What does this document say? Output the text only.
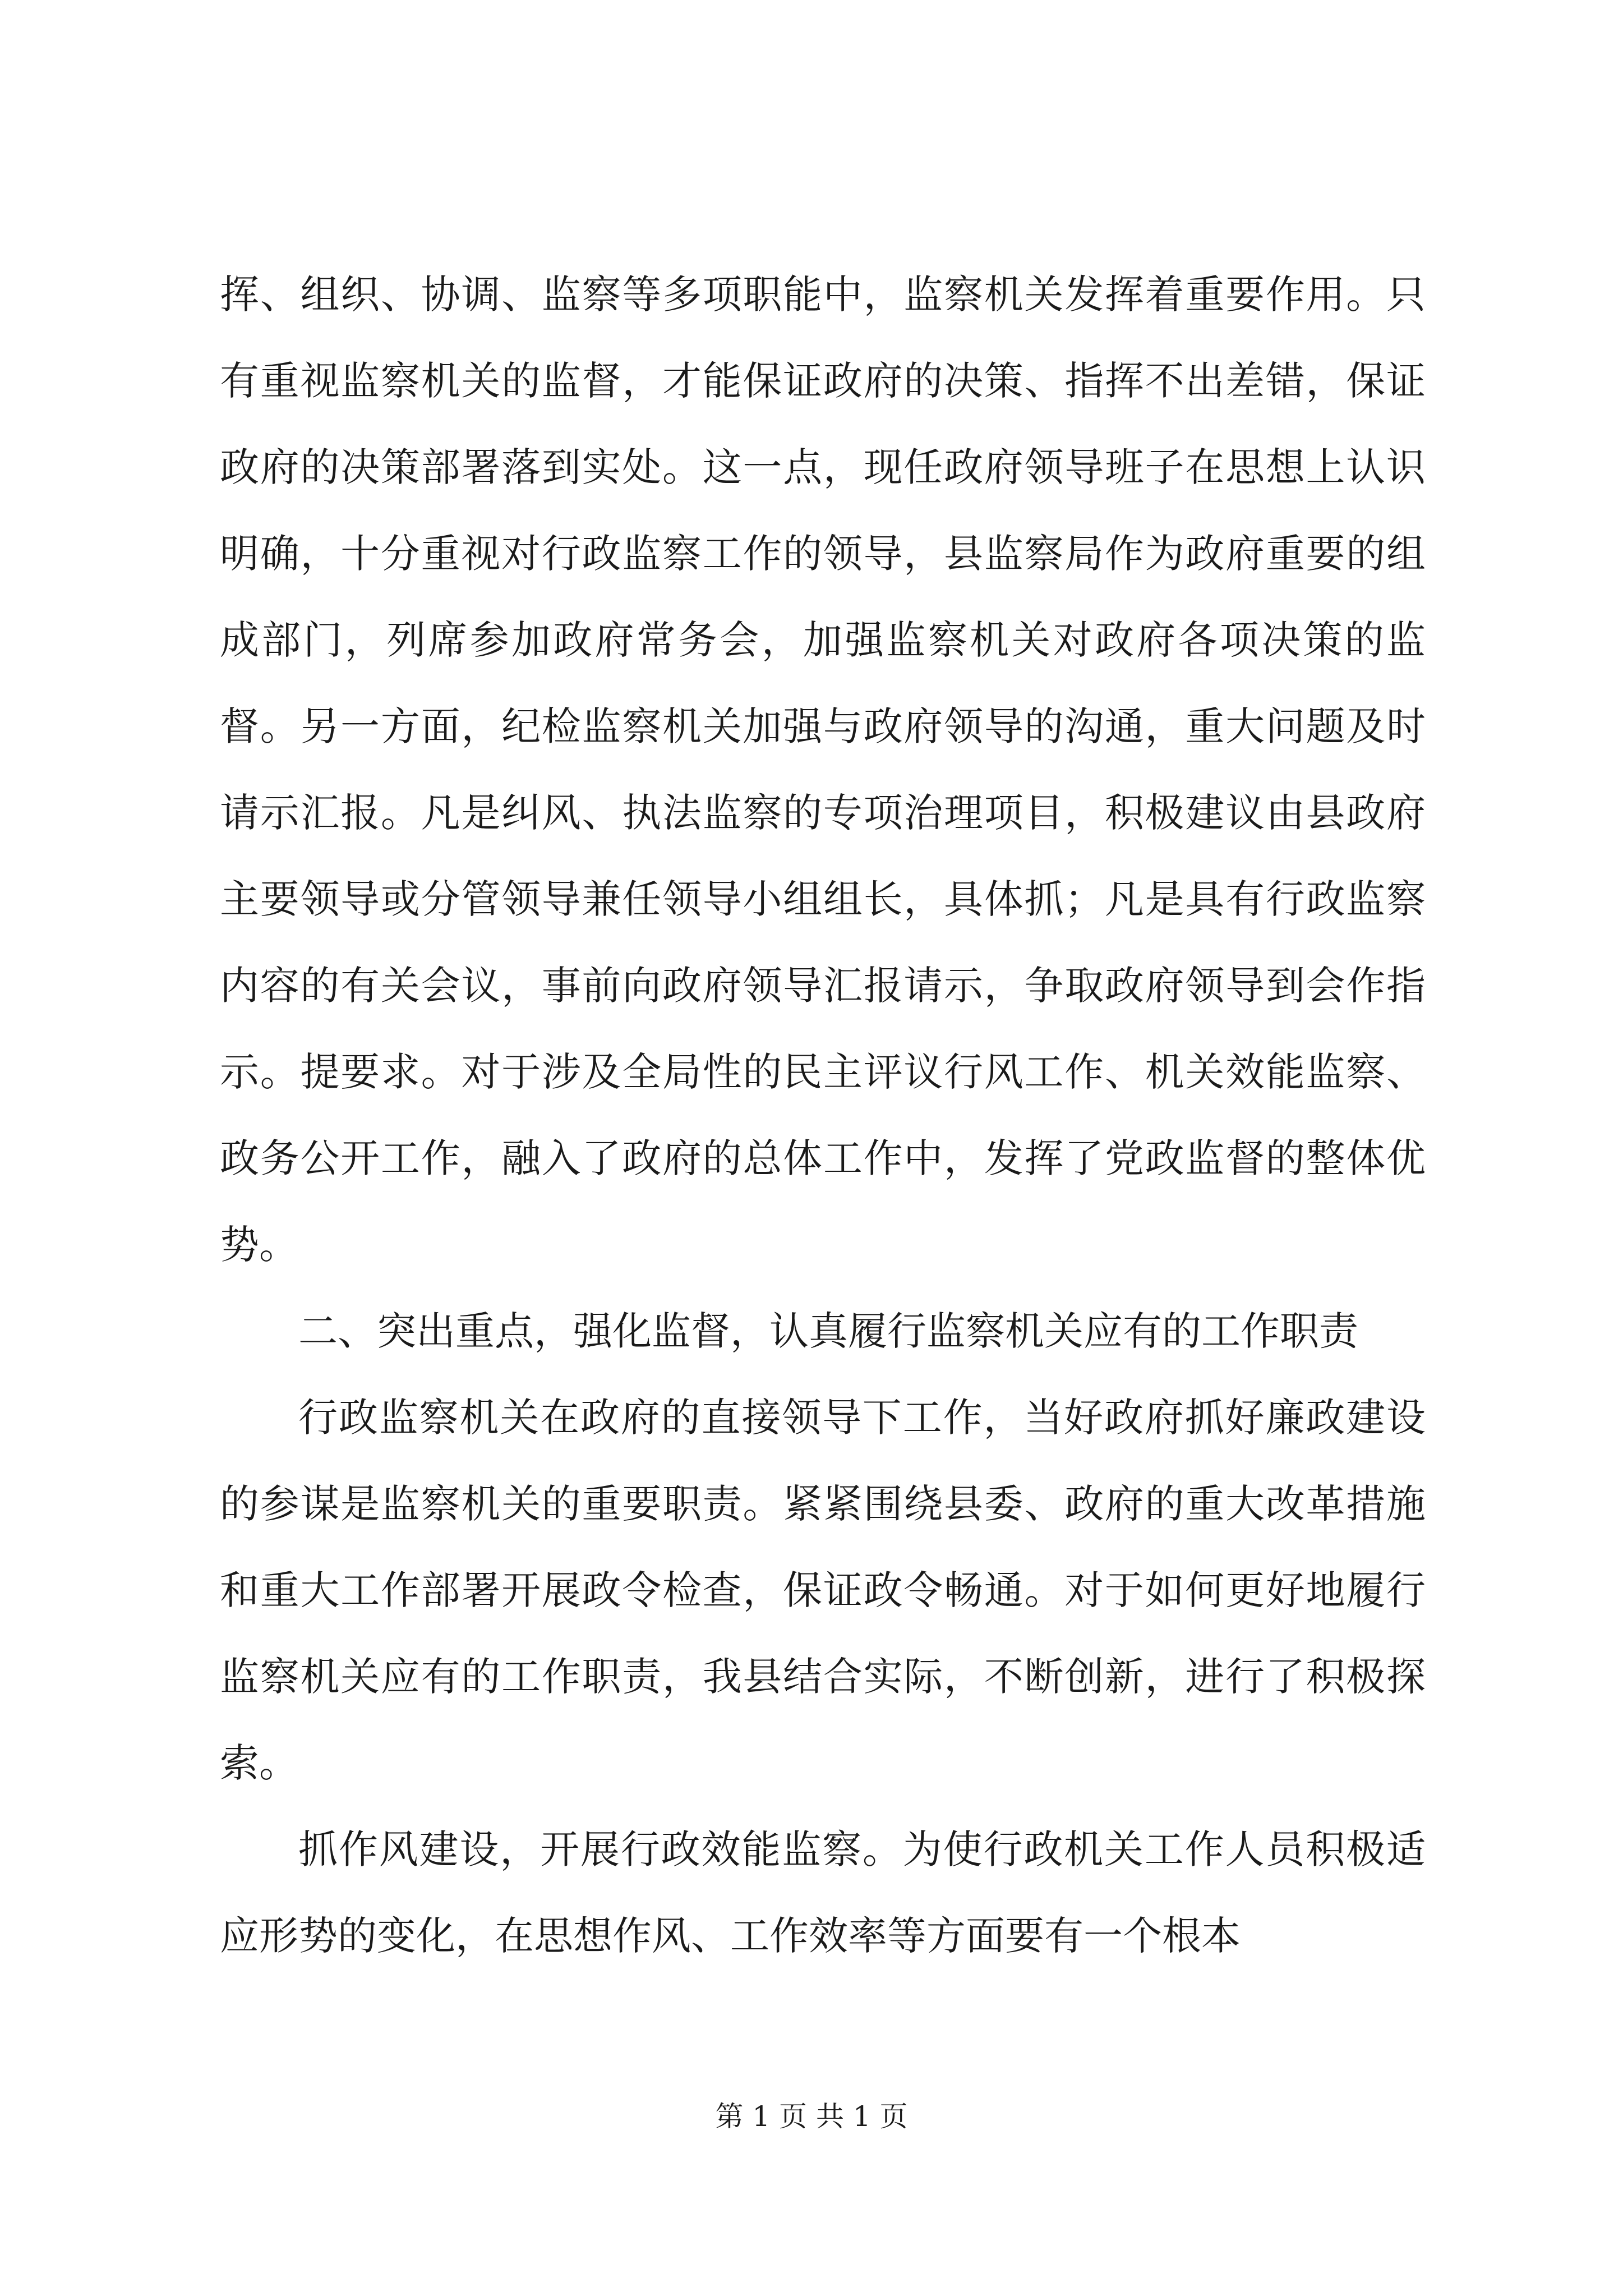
挥、组织、协调、监察等多项职能中，监察机关发挥着重要作用。只有重视监察机关的监督，才能保证政府的决策、指挥不出差错，保证政府的决策部署落到实处。这一点，现任政府领导班子在思想上认识明确，十分重视对行政监察工作的领导，县监察局作为政府重要的组成部门，列席参加政府常务会，加强监察机关对政府各项决策的监督。另一方面，纪检监察机关加强与政府领导的沟通，重大问题及时请示汇报。凡是纠风、执法监察的专项治理项目，积极建议由县政府主要领导或分管领导兼任领导小组组长，具体抓；凡是具有行政监察内容的有关会议，事前向政府领导汇报请示，争取政府领导到会作指示。提要求。对于涉及全局性的民主评议行风工作、机关效能监察、政务公开工作，融入了政府的总体工作中，发挥了党政监督的整体优势。

二、突出重点，强化监督，认真履行监察机关应有的工作职责

行政监察机关在政府的直接领导下工作，当好政府抓好廉政建设的参谋是监察机关的重要职责。紧紧围绕县委、政府的重大改革措施和重大工作部署开展政令检查，保证政令畅通。对于如何更好地履行监察机关应有的工作职责，我县结合实际，不断创新，进行了积极探索。

抓作风建设，开展行政效能监察。为使行政机关工作人员积极适应形势的变化，在思想作风、工作效率等方面要有一个根本

第 1 页 共 1 页
